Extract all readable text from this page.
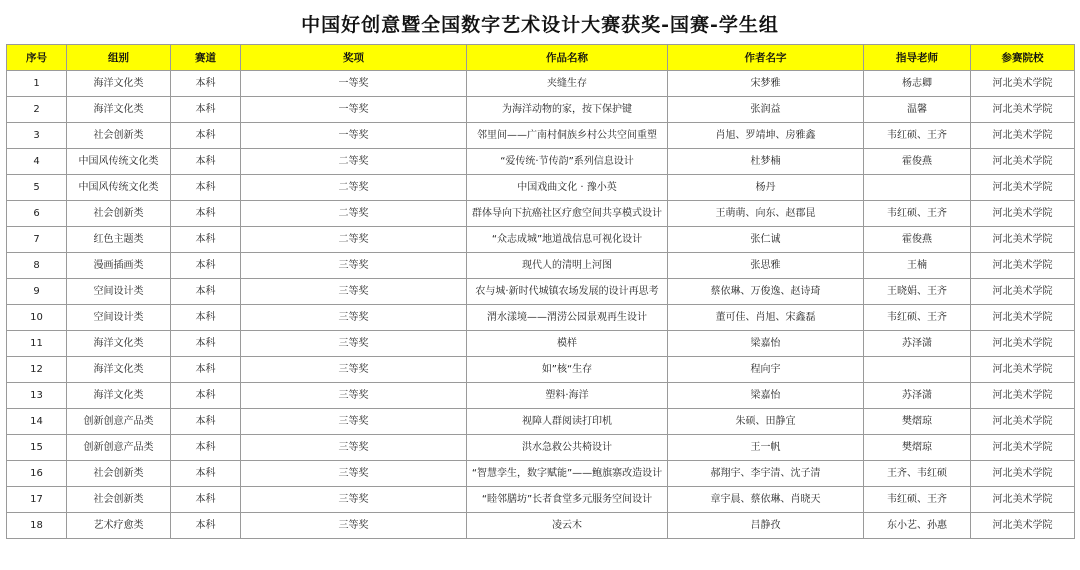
中国好创意暨全国数字艺术设计大赛获奖-国赛-学生组
序号	组别	赛道	奖项	作品名称	作者名字	指导老师	参赛院校
1	海洋文化类	本科	一等奖	夹缝生存	宋梦雅	杨志卿	河北美术学院
2	海洋文化类	本科	一等奖	为海洋动物的家，按下保护键	张润益	温馨	河北美术学院
3	社会创新类	本科	一等奖	邻里间——广南村侗族乡村公共空间重塑	肖旭、罗靖坤、房雅鑫	韦红硕、王齐	河北美术学院
4	中国风传统文化类	本科	二等奖	“爱传统·节传韵”系列信息设计	杜梦楠	霍俊燕	河北美术学院
5	中国风传统文化类	本科	二等奖	中国戏曲文化 · 豫小英	杨丹		河北美术学院
6	社会创新类	本科	二等奖	群体导向下抗癌社区疗愈空间共享模式设计	王萌萌、向东、赵郡昆	韦红硕、王齐	河北美术学院
7	红色主题类	本科	二等奖	“众志成城”地道战信息可视化设计	张仁诚	霍俊燕	河北美术学院
8	漫画插画类	本科	三等奖	现代人的清明上河图	张思雅	王楠	河北美术学院
9	空间设计类	本科	三等奖	农与城·新时代城镇农场发展的设计再思考	蔡依琳、万俊逸、赵诗琦	王晓娟、王齐	河北美术学院
10	空间设计类	本科	三等奖	渭水漾境——渭涝公园景观再生设计	董可佳、肖旭、宋鑫磊	韦红硕、王齐	河北美术学院
11	海洋文化类	本科	三等奖	模样	梁嘉怡	苏泽潇	河北美术学院
12	海洋文化类	本科	三等奖	如”核“生存	程向宇		河北美术学院
13	海洋文化类	本科	三等奖	塑料·海洋	梁嘉怡	苏泽潇	河北美术学院
14	创新创意产品类	本科	三等奖	视障人群阅读打印机	朱硕、田静宜	樊熠琼	河北美术学院
15	创新创意产品类	本科	三等奖	洪水急救公共椅设计	王一帆	樊熠琼	河北美术学院
16	社会创新类	本科	三等奖	“智慧孪生，数字赋能”——鲍旗寨改造设计	郝翔宇、李宇清、沈子清	王齐、韦红硕	河北美术学院
17	社会创新类	本科	三等奖	“睦邻膳坊”长者食堂多元服务空间设计	章宇晨、蔡依琳、肖晓天	韦红硕、王齐	河北美术学院
18	艺术疗愈类	本科	三等奖	凌云木	吕静孜	东小艺、孙惠	河北美术学院
